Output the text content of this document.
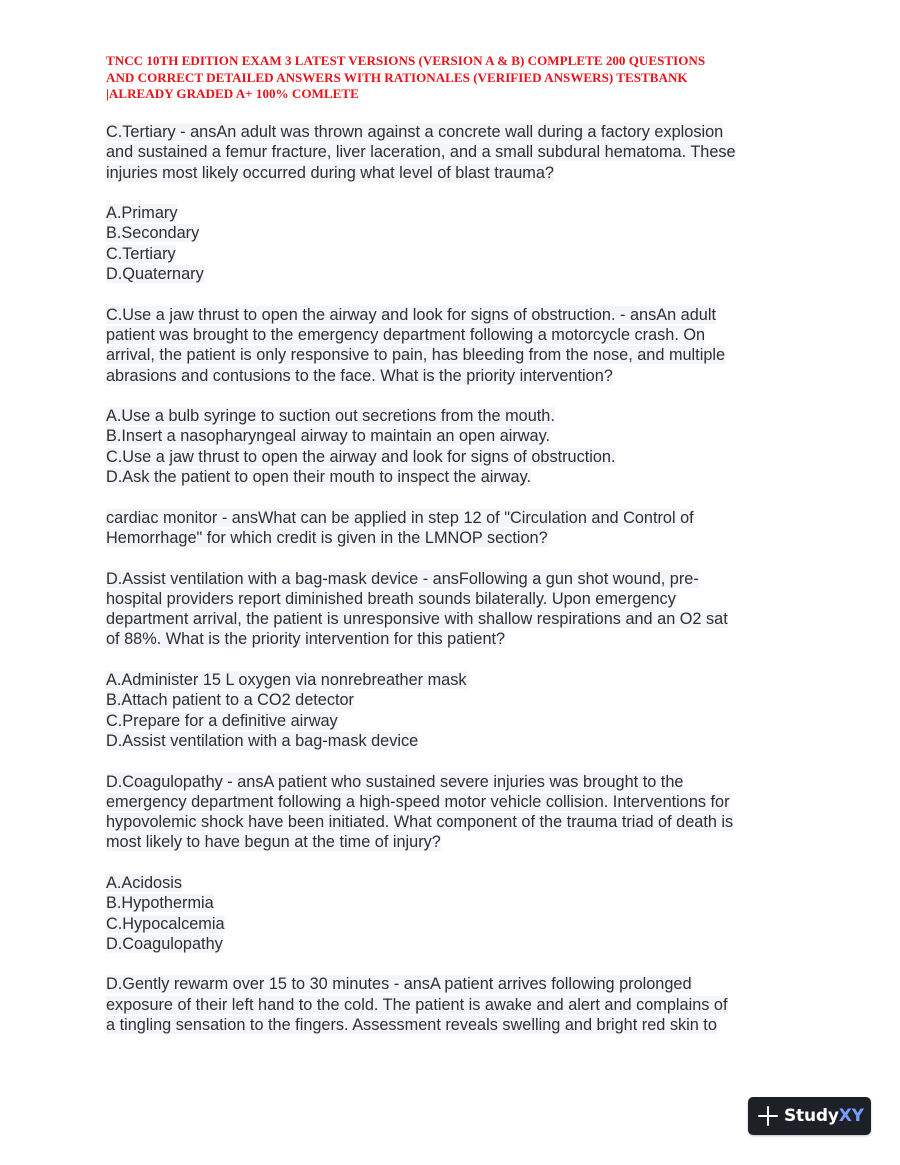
TNCC 10TH EDITION EXAM 3 LATEST VERSIONS (VERSION A & B) COMPLETE 200 QUESTIONS
AND CORRECT DETAILED ANSWERS WITH RATIONALES (VERIFIED ANSWERS) TESTBANK
|ALREADY GRADED A+ 100% COMLETE
C.Tertiary - ansAn adult was thrown against a concrete wall during a factory explosion
and sustained a femur fracture, liver laceration, and a small subdural hematoma. These
injuries most likely occurred during what level of blast trauma?
A.Primary
B.Secondary
C.Tertiary
D.Quaternary
C.Use a jaw thrust to open the airway and look for signs of obstruction. - ansAn adult
patient was brought to the emergency department following a motorcycle crash. On
arrival, the patient is only responsive to pain, has bleeding from the nose, and multiple
abrasions and contusions to the face. What is the priority intervention?
A.Use a bulb syringe to suction out secretions from the mouth.
B.Insert a nasopharyngeal airway to maintain an open airway.
C.Use a jaw thrust to open the airway and look for signs of obstruction.
D.Ask the patient to open their mouth to inspect the airway.
cardiac monitor - ansWhat can be applied in step 12 of "Circulation and Control of
Hemorrhage" for which credit is given in the LMNOP section?
D.Assist ventilation with a bag-mask device - ansFollowing a gun shot wound, pre-
hospital providers report diminished breath sounds bilaterally. Upon emergency
department arrival, the patient is unresponsive with shallow respirations and an O2 sat
of 88%. What is the priority intervention for this patient?
A.Administer 15 L oxygen via nonrebreather mask
B.Attach patient to a CO2 detector
C.Prepare for a definitive airway
D.Assist ventilation with a bag-mask device
D.Coagulopathy - ansA patient who sustained severe injuries was brought to the
emergency department following a high-speed motor vehicle collision. Interventions for
hypovolemic shock have been initiated. What component of the trauma triad of death is
most likely to have begun at the time of injury?
A.Acidosis
B.Hypothermia
C.Hypocalcemia
D.Coagulopathy
D.Gently rewarm over 15 to 30 minutes - ansA patient arrives following prolonged
exposure of their left hand to the cold. The patient is awake and alert and complains of
a tingling sensation to the fingers. Assessment reveals swelling and bright red skin to
StudyXY
